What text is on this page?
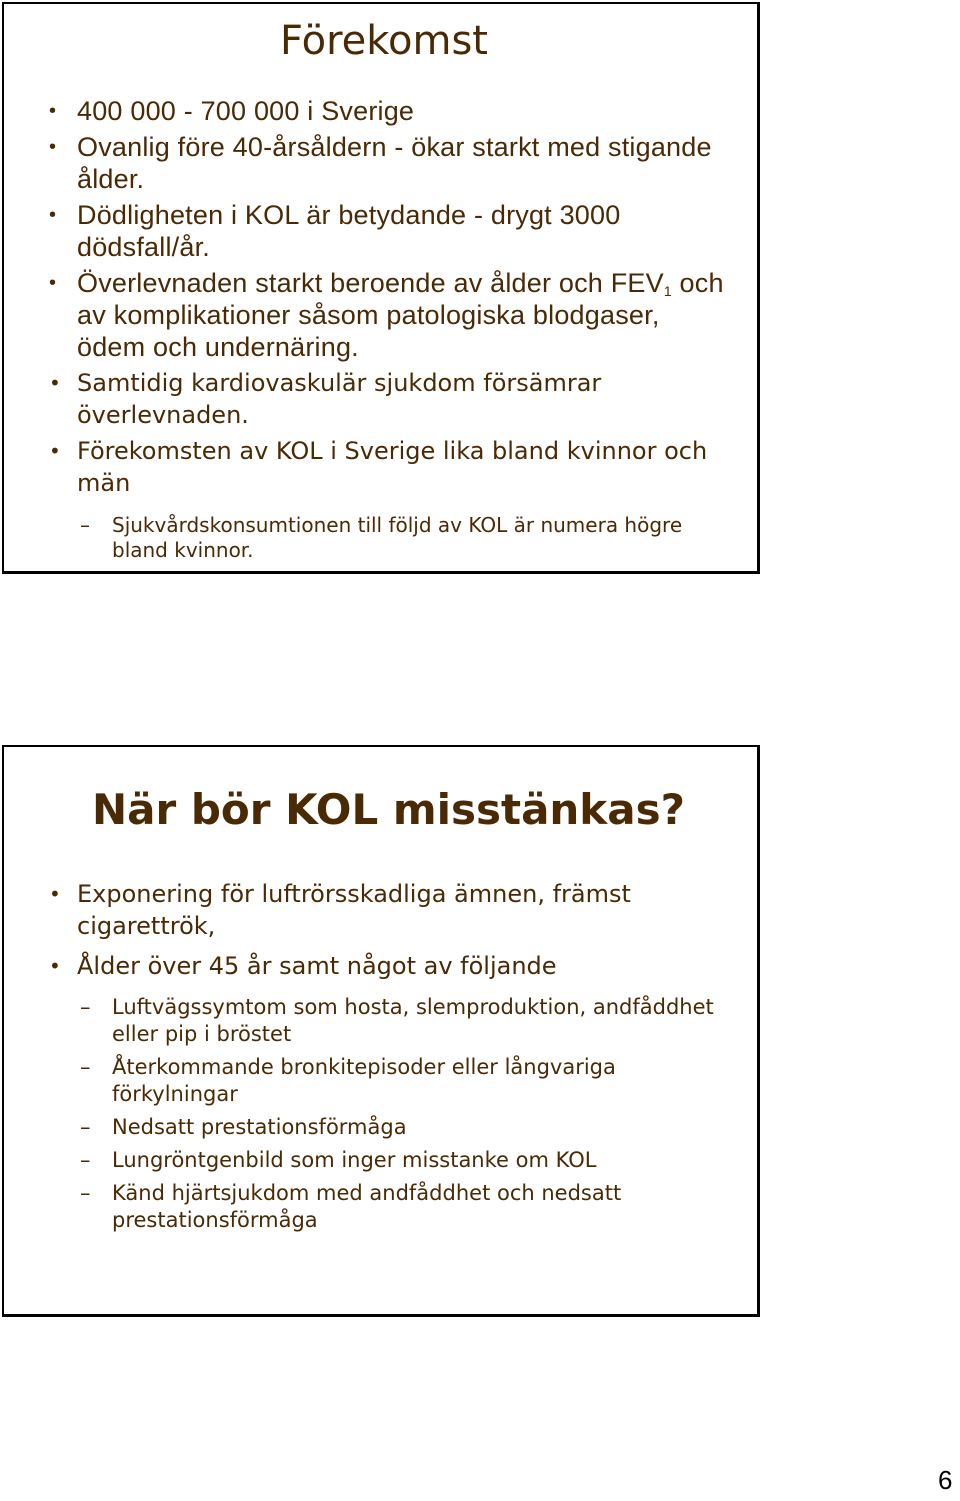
Förekomst
• 400 000 - 700 000 i Sverige
• Ovanlig före 40-årsåldern - ökar starkt med stigande ålder.
• Dödligheten i KOL är betydande - drygt 3000 dödsfall/år.
• Överlevnaden starkt beroende av ålder och $FEV_1$ och av komplikationer såsom patologiska blodgaser, ödem och undernäring.
• Samtidig kardiovaskulär sjukdom försämrar överlevnaden.
• Förekomsten av KOL i Sverige lika bland kvinnor och män
– Sjukvårdskonsumtionen till följd av KOL är numera högre bland kvinnor.
När bör KOL misstänkas?
• Exponering för luftrörsskadliga ämnen, främst cigarettrök,
• Ålder över 45 år samt något av följande
– Luftvägssymtom som hosta, slemproduktion, andfåddhet eller pip i bröstet
– Återkommande bronkitepisoder eller långvariga förkylningar
– Nedsatt prestationsförmåga
– Lungröntgenbild som inger misstanke om KOL
– Känd hjärtsjukdom med andfåddhet och nedsatt prestationsförmåga
6
